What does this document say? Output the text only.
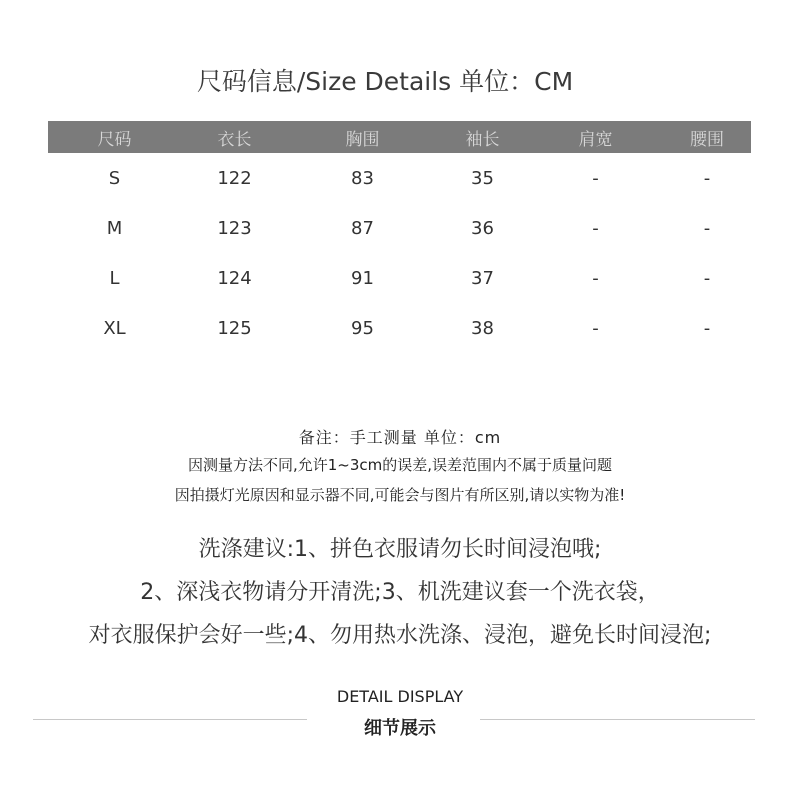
尺码信息/Size Details 单位：CM
尺码	衣长	胸围	袖长	肩宽	腰围
S	122	83	35	-	-
M	123	87	36	-	-
L	124	91	37	-	-
XL	125	95	38	-	-
备注：手工测量 单位：cm
因测量方法不同,允许1~3cm的误差,误差范围内不属于质量问题
因拍摄灯光原因和显示器不同,可能会与图片有所区别,请以实物为准!
洗涤建议:1、拼色衣服请勿长时间浸泡哦;
2、深浅衣物请分开清洗;3、机洗建议套一个洗衣袋，
对衣服保护会好一些;4、勿用热水洗涤、浸泡，避免长时间浸泡;
DETAIL DISPLAY
细节展示
